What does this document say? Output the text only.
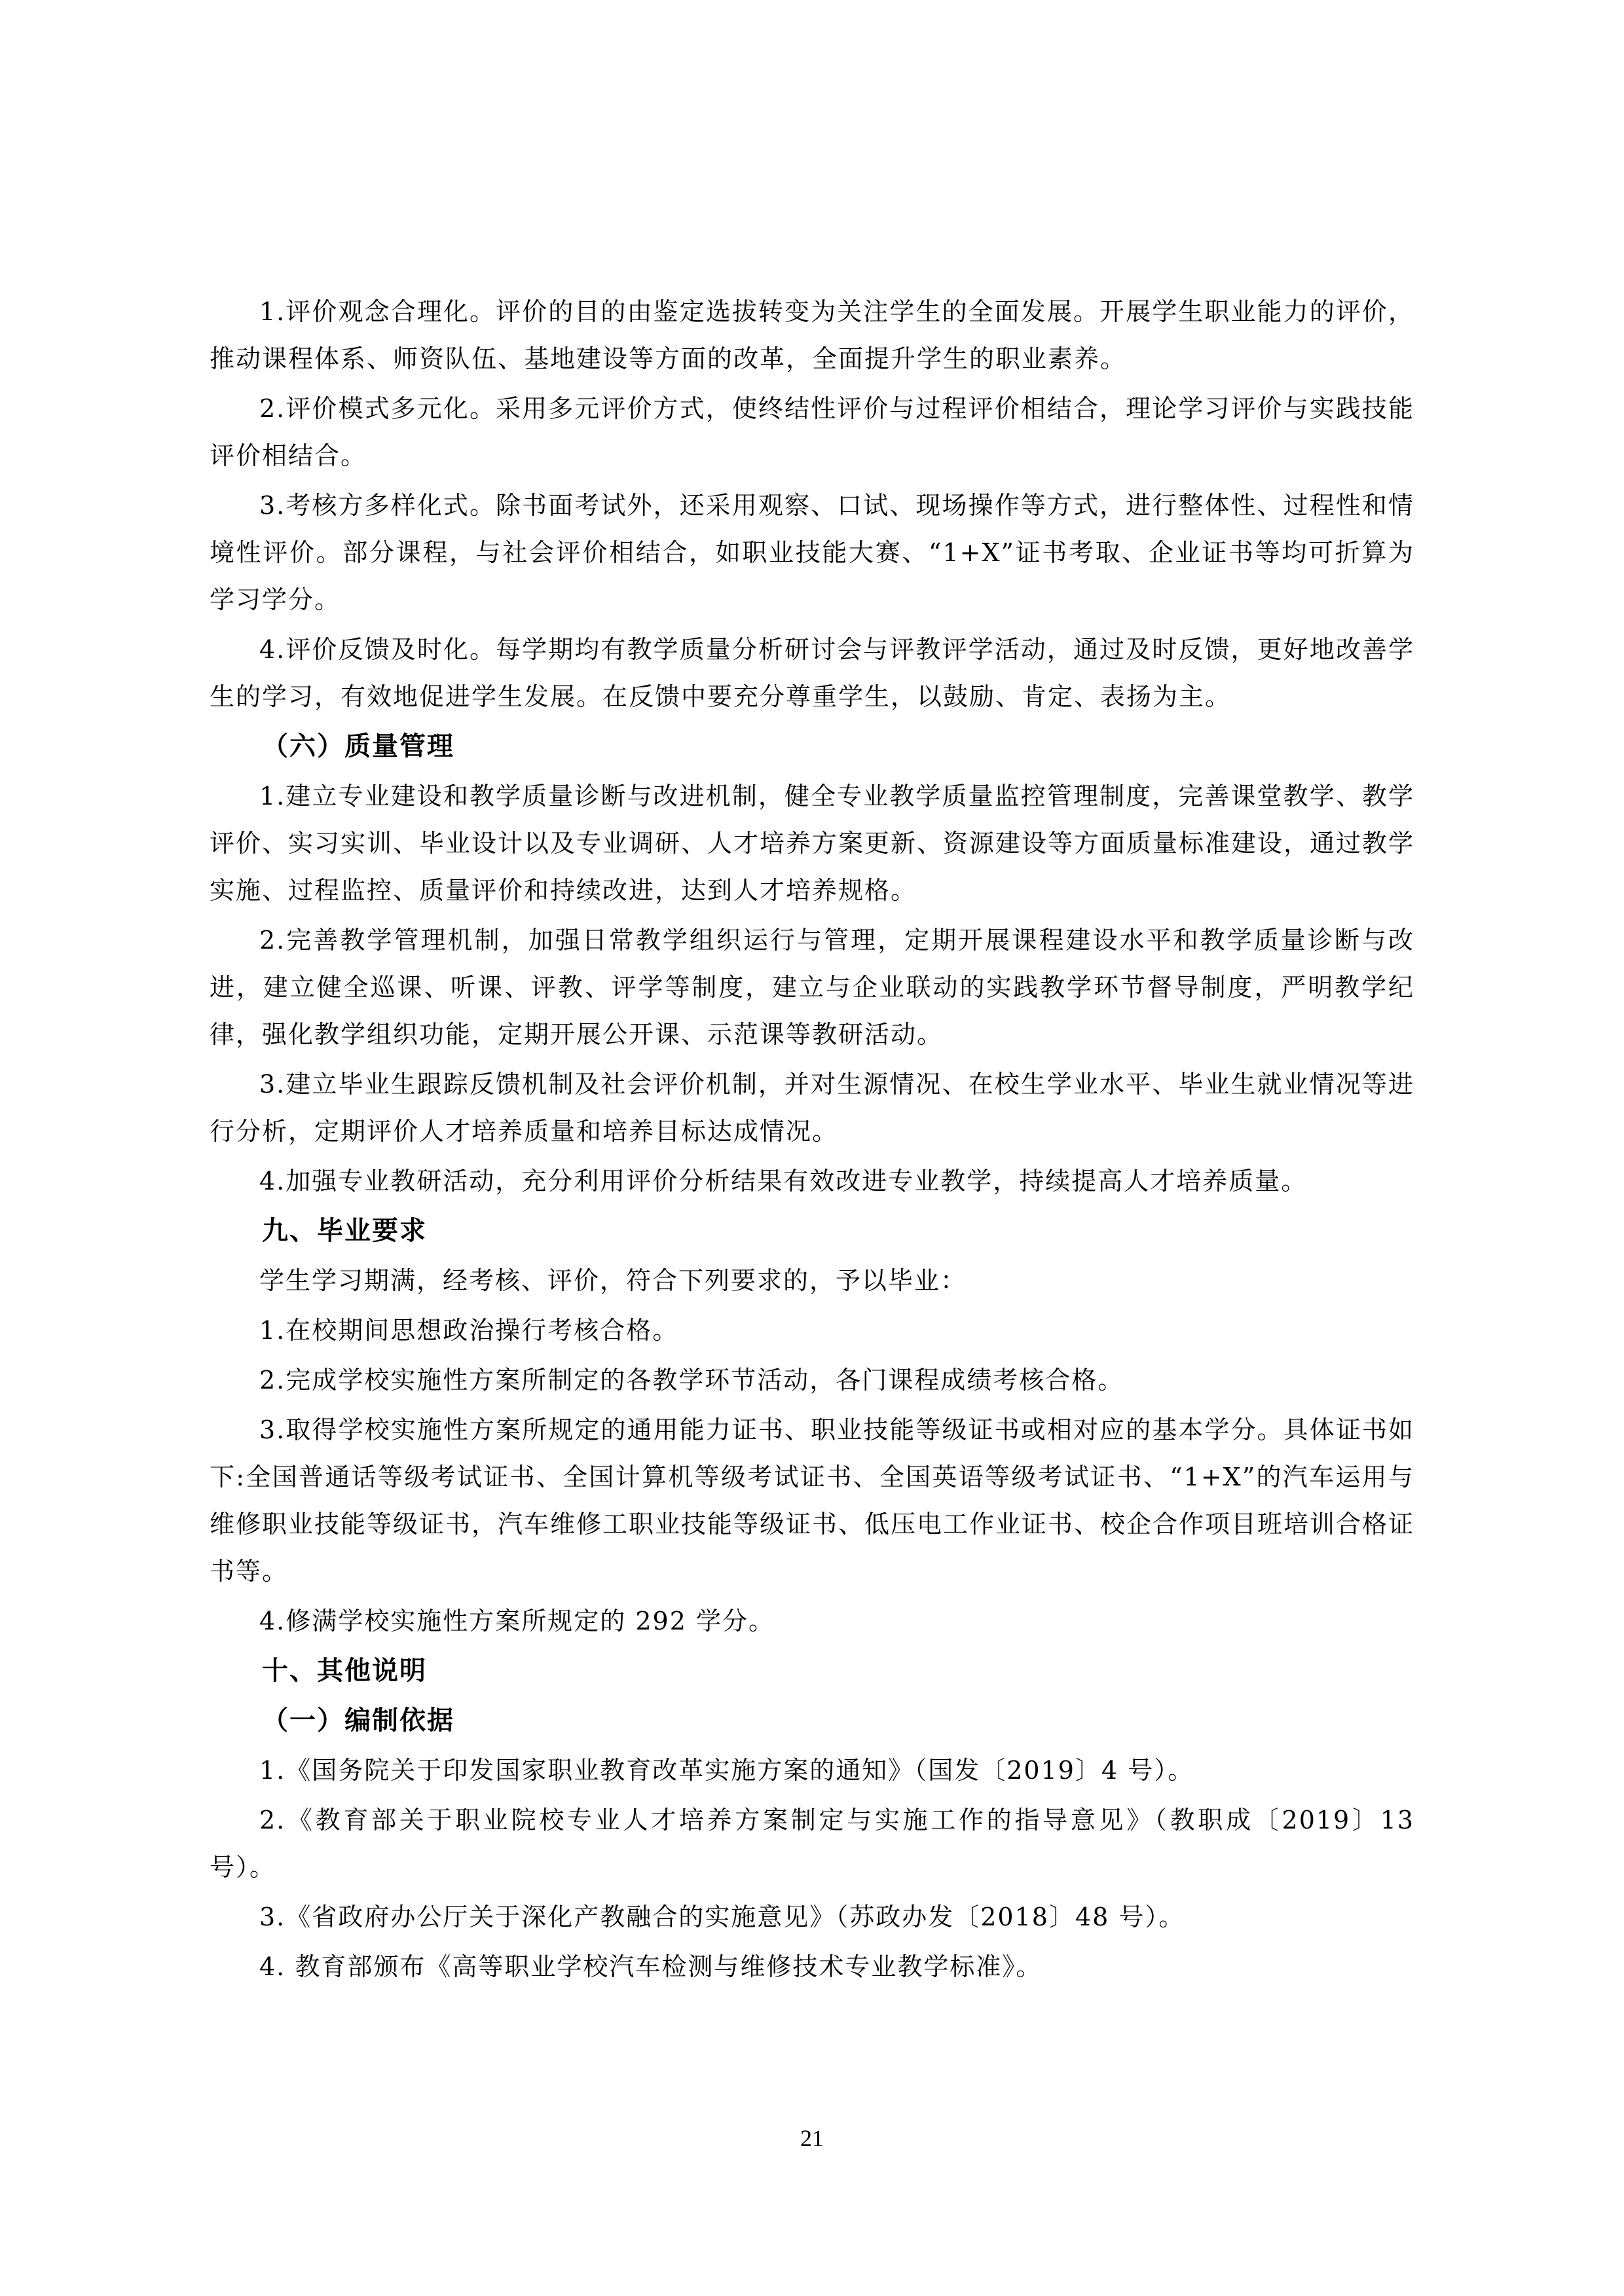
1.评价观念合理化。评价的目的由鉴定选拔转变为关注学生的全面发展。开展学生职业能力的评价，推动课程体系、师资队伍、基地建设等方面的改革，全面提升学生的职业素养。
2.评价模式多元化。采用多元评价方式，使终结性评价与过程评价相结合，理论学习评价与实践技能评价相结合。
3.考核方多样化式。除书面考试外，还采用观察、口试、现场操作等方式，进行整体性、过程性和情境性评价。部分课程，与社会评价相结合，如职业技能大赛、“1+X”证书考取、企业证书等均可折算为学习学分。
4.评价反馈及时化。每学期均有教学质量分析研讨会与评教评学活动，通过及时反馈，更好地改善学生的学习，有效地促进学生发展。在反馈中要充分尊重学生，以鼓励、肯定、表扬为主。
（六）质量管理
1.建立专业建设和教学质量诊断与改进机制，健全专业教学质量监控管理制度，完善课堂教学、教学评价、实习实训、毕业设计以及专业调研、人才培养方案更新、资源建设等方面质量标准建设，通过教学实施、过程监控、质量评价和持续改进，达到人才培养规格。
2.完善教学管理机制，加强日常教学组织运行与管理，定期开展课程建设水平和教学质量诊断与改进，建立健全巡课、听课、评教、评学等制度，建立与企业联动的实践教学环节督导制度，严明教学纪律，强化教学组织功能，定期开展公开课、示范课等教研活动。
3.建立毕业生跟踪反馈机制及社会评价机制，并对生源情况、在校生学业水平、毕业生就业情况等进行分析，定期评价人才培养质量和培养目标达成情况。
4.加强专业教研活动，充分利用评价分析结果有效改进专业教学，持续提高人才培养质量。
九、毕业要求
学生学习期满，经考核、评价，符合下列要求的，予以毕业：
1.在校期间思想政治操行考核合格。
2.完成学校实施性方案所制定的各教学环节活动，各门课程成绩考核合格。
3.取得学校实施性方案所规定的通用能力证书、职业技能等级证书或相对应的基本学分。具体证书如下:全国普通话等级考试证书、全国计算机等级考试证书、全国英语等级考试证书、“1+X”的汽车运用与维修职业技能等级证书，汽车维修工职业技能等级证书、低压电工作业证书、校企合作项目班培训合格证书等。
4.修满学校实施性方案所规定的 292 学分。
十、其他说明
（一）编制依据
1.《国务院关于印发国家职业教育改革实施方案的通知》（国发〔2019〕4 号）。
2.《教育部关于职业院校专业人才培养方案制定与实施工作的指导意见》（教职成〔2019〕13 号）。
3.《省政府办公厅关于深化产教融合的实施意见》（苏政办发〔2018〕48 号）。
4. 教育部颁布《高等职业学校汽车检测与维修技术专业教学标准》。
21
